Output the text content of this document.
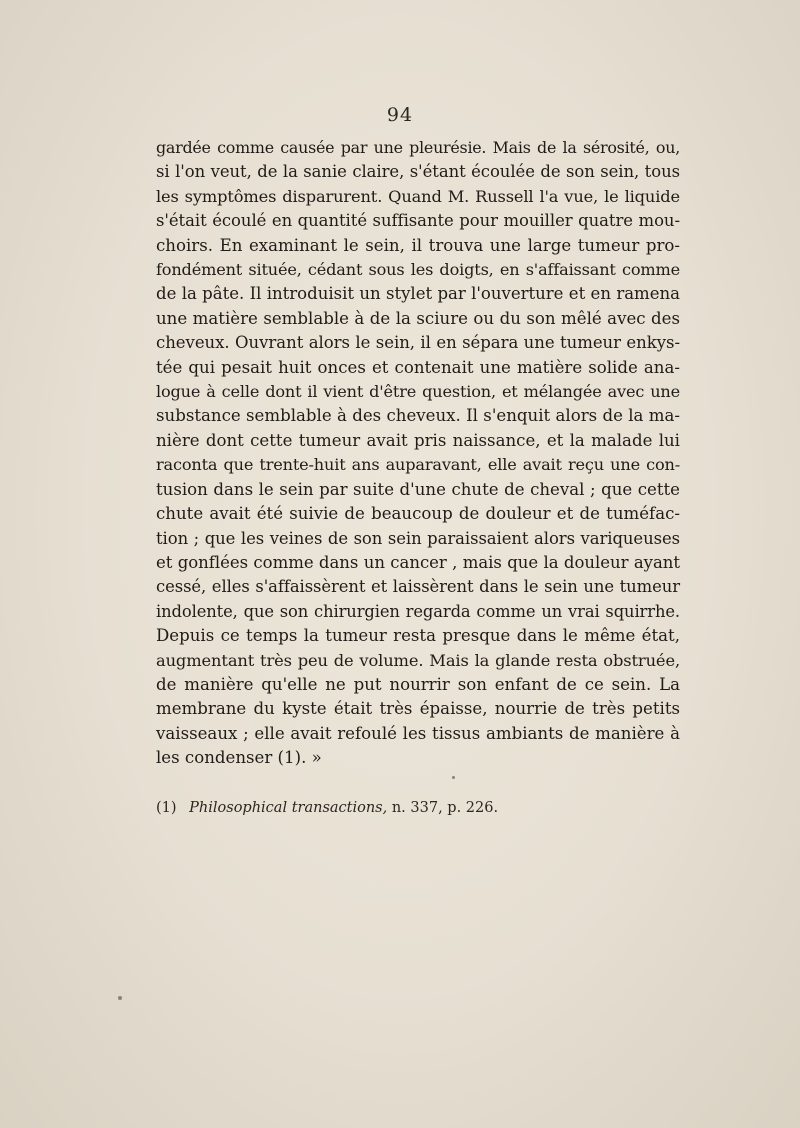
94
gardée comme causée par une pleurésie. Mais de la sérosité, ou,
si l'on veut, de la sanie claire, s'étant écoulée de son sein, tous
les symptômes disparurent. Quand M. Russell l'a vue, le liquide
s'était écoulé en quantité suffisante pour mouiller quatre mou-
choirs. En examinant le sein, il trouva une large tumeur pro-
fondément située, cédant sous les doigts, en s'affaissant comme
de la pâte. Il introduisit un stylet par l'ouverture et en ramena
une matière semblable à de la sciure ou du son mêlé avec des
cheveux. Ouvrant alors le sein, il en sépara une tumeur enkys-
tée qui pesait huit onces et contenait une matière solide ana-
logue à celle dont il vient d'être question, et mélangée avec une
substance semblable à des cheveux. Il s'enquit alors de la ma-
nière dont cette tumeur avait pris naissance, et la malade lui
raconta que trente-huit ans auparavant, elle avait reçu une con-
tusion dans le sein par suite d'une chute de cheval ; que cette
chute avait été suivie de beaucoup de douleur et de tuméfac-
tion ; que les veines de son sein paraissaient alors variqueuses
et gonflées comme dans un cancer , mais que la douleur ayant
cessé, elles s'affaissèrent et laissèrent dans le sein une tumeur
indolente, que son chirurgien regarda comme un vrai squirrhe.
Depuis ce temps la tumeur resta presque dans le même état,
augmentant très peu de volume. Mais la glande resta obstruée,
de manière qu'elle ne put nourrir son enfant de ce sein. La
membrane du kyste était très épaisse, nourrie de très petits
vaisseaux ; elle avait refoulé les tissus ambiants de manière à
les condenser (1). »
(1) Philosophical transactions, n. 337, p. 226.
